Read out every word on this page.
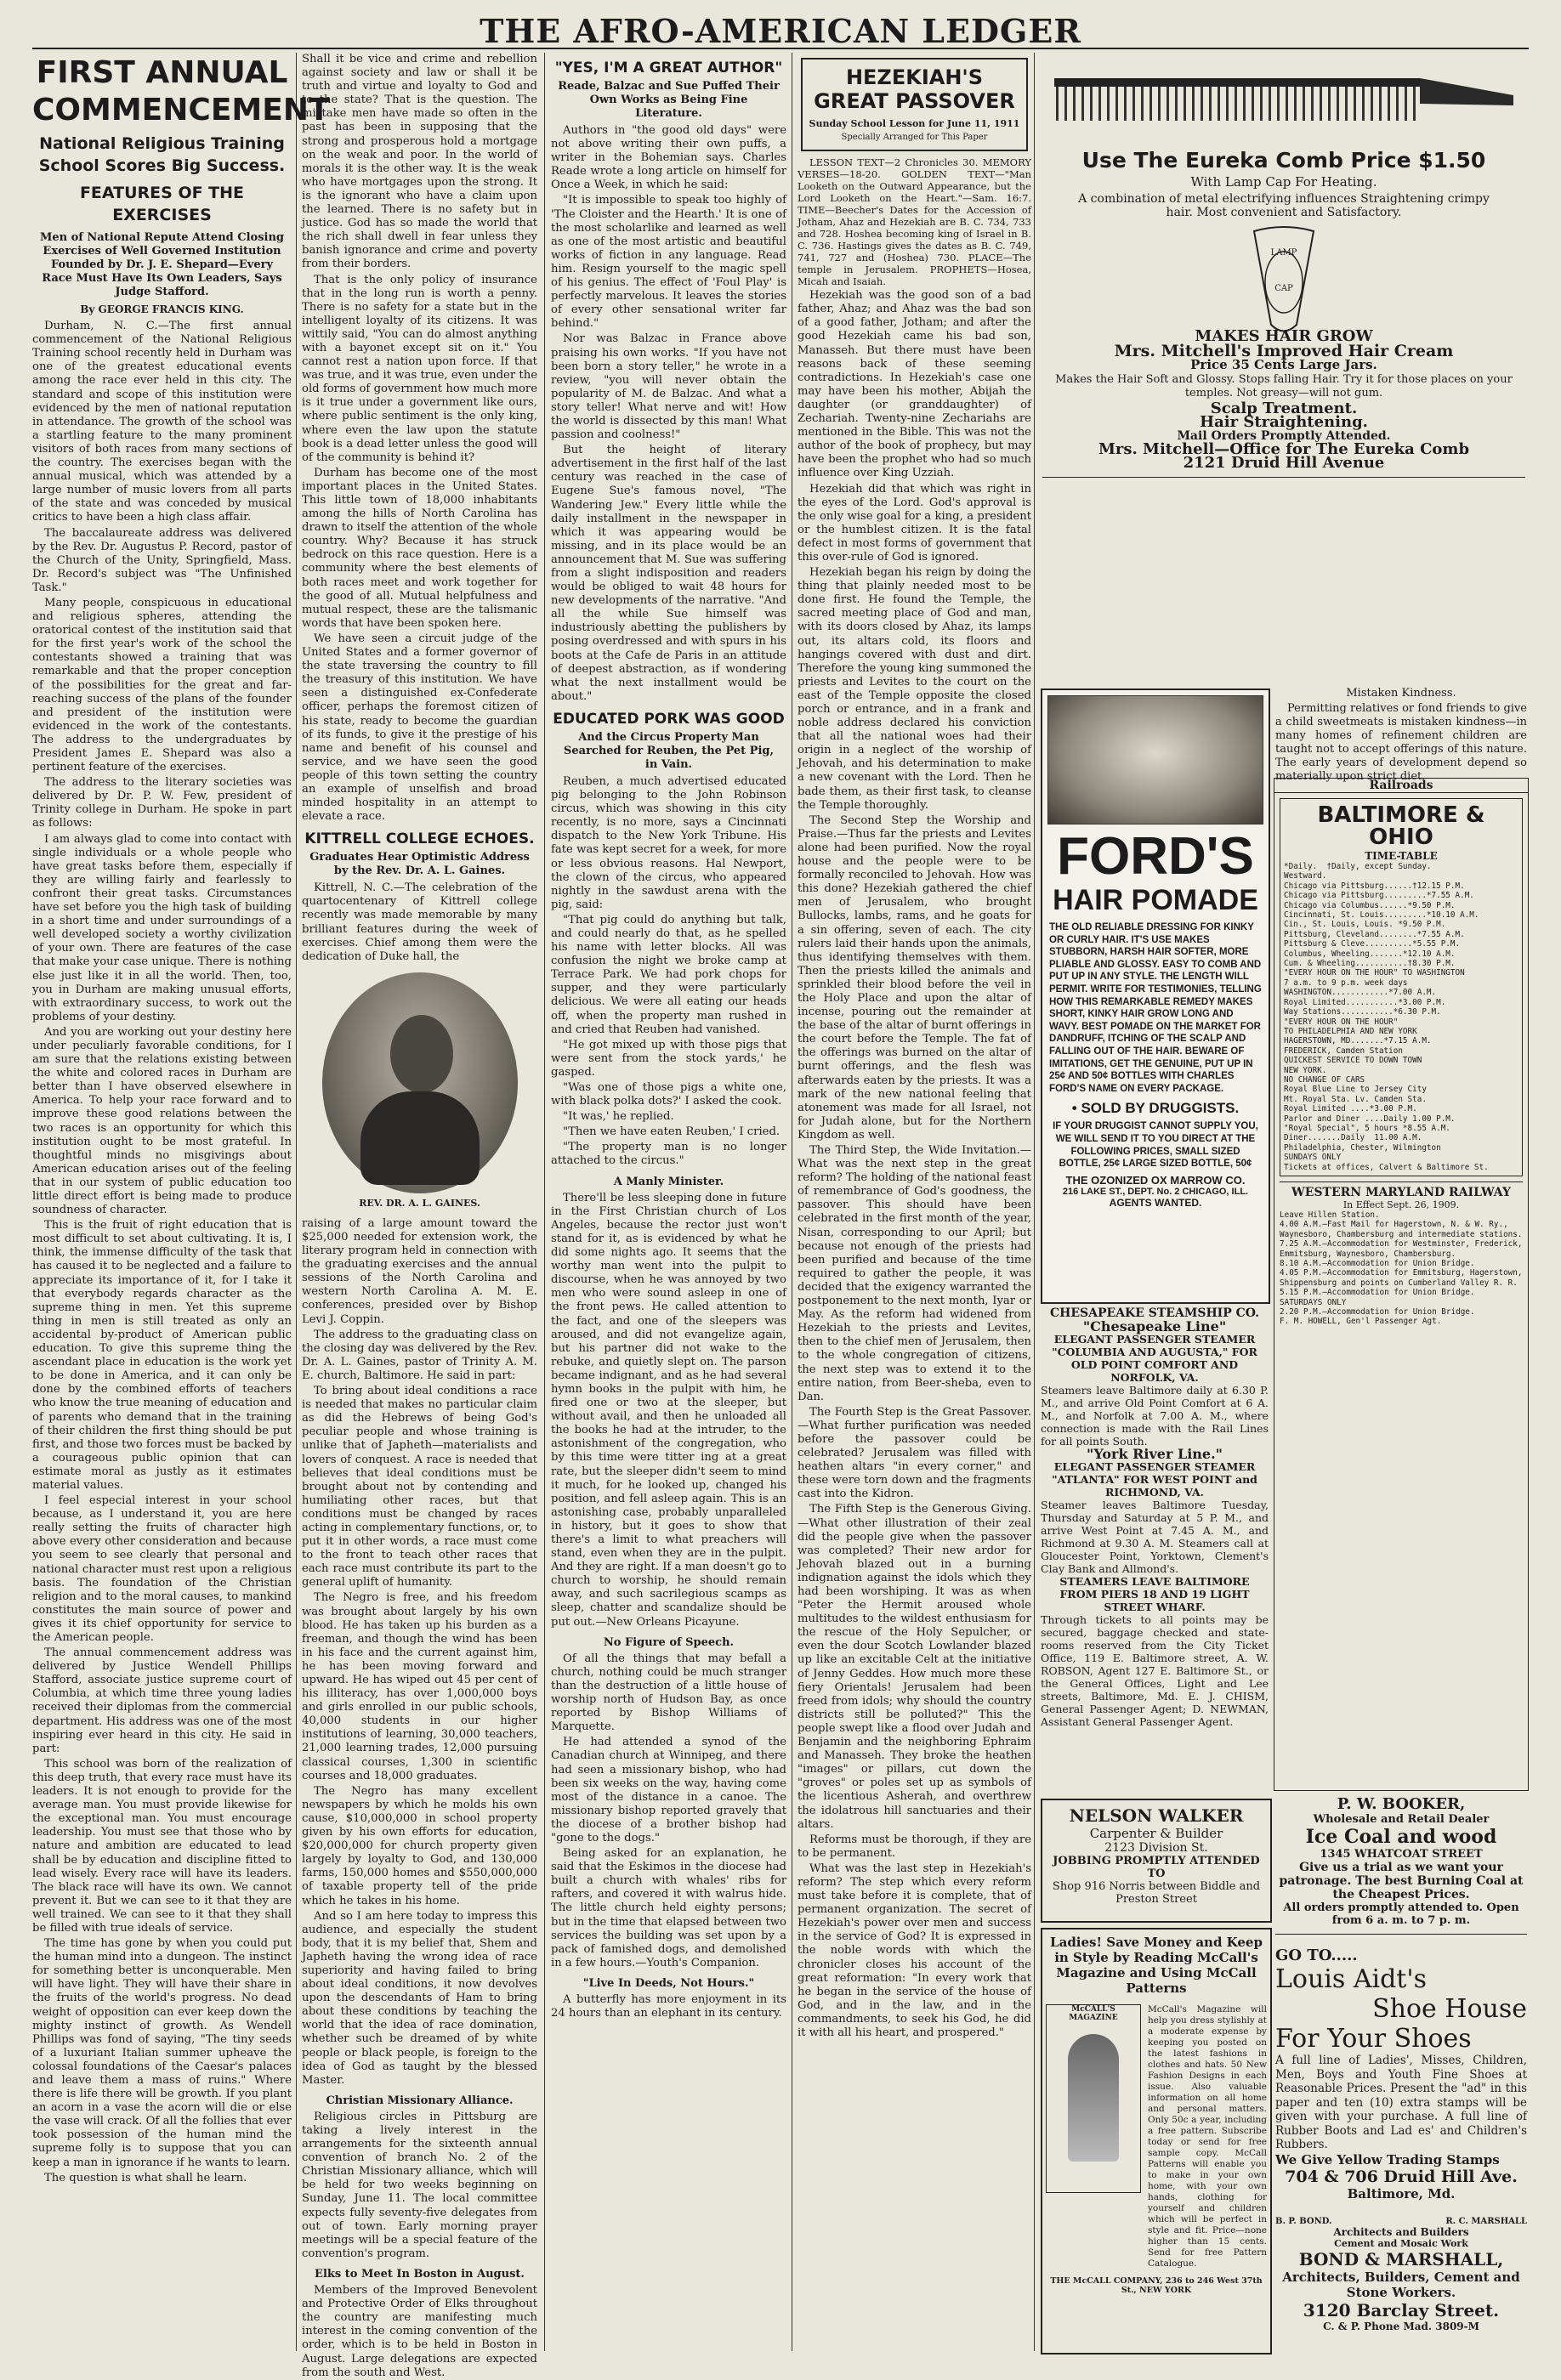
THE AFRO-AMERICAN LEDGER
FIRST ANNUAL
COMMENCEMENT
National Religious Training School Scores Big Success.
FEATURES OF THE EXERCISES
Men of National Repute Attend Closing Exercises of Well Governed Institution Founded by Dr. J. E. Shepard—Every Race Must Have Its Own Leaders, Says Judge Stafford.
By GEORGE FRANCIS KING.

Durham, N. C.—The first annual commencement of the National Religious Training school recently held in Durham was one of the greatest educational events among the race ever held in this city. The standard and scope of this institution were evidenced by the men of national reputation in attendance. The growth of the school was a startling feature to the many prominent visitors of both races from many sections of the country. The exercises began with the annual musical, which was attended by a large number of music lovers from all parts of the state and was conceded by musical critics to have been a high class affair.

The baccalaureate address was delivered by the Rev. Dr. Augustus P. Record, pastor of the Church of the Unity, Springfield, Mass. Dr. Record's subject was "The Unfinished Task."

Many people, conspicuous in educational and religious spheres, attending the oratorical contest of the institution said that for the first year's work of the school the contestants showed a training that was remarkable and that the proper conception of the possibilities for the great and far-reaching success of the plans of the founder and president of the institution were evidenced in the work of the contestants. The address to the undergraduates by President James E. Shepard was also a pertinent feature of the exercises.

The address to the literary societies was delivered by Dr. P. W. Few, president of Trinity college in Durham. He spoke in part as follows:

I am always glad to come into contact with single individuals or a whole people who have great tasks before them, especially if they are willing fairly and fearlessly to confront their great tasks. Circumstances have set before you the high task of building in a short time and under surroundings of a well developed society a worthy civilization of your own. There are features of the case that make your case unique. There is nothing else just like it in all the world. Then, too, you in Durham are making unusual efforts, with extraordinary success, to work out the problems of your destiny.

And you are working out your destiny here under peculiarly favorable conditions, for I am sure that the relations existing between the white and colored races in Durham are better than I have observed elsewhere in America. To help your race forward and to improve these good relations between the two races is an opportunity for which this institution ought to be most grateful. In thoughtful minds no misgivings about American education arises out of the feeling that in our system of public education too little direct effort is being made to produce soundness of character.

This is the fruit of right education that is most difficult to set about cultivating. It is, I think, the immense difficulty of the task that has caused it to be neglected and a failure to appreciate its importance of it, for I take it that everybody regards character as the supreme thing in men. Yet this supreme thing in men is still treated as only an accidental by-product of American public education. To give this supreme thing the ascendant place in education is the work yet to be done in America, and it can only be done by the combined efforts of teachers who know the true meaning of education and of parents who demand that in the training of their children the first thing should be put first, and those two forces must be backed by a courageous public opinion that can estimate moral as justly as it estimates material values.

I feel especial interest in your school because, as I understand it, you are here really setting the fruits of character high above every other consideration and because you seem to see clearly that personal and national character must rest upon a religious basis. The foundation of the Christian religion and to the moral causes, to mankind constitutes the main source of power and gives it its chief opportunity for service to the American people.

The annual commencement address was delivered by Justice Wendell Phillips Stafford, associate justice supreme court of Columbia, at which time three young ladies received their diplomas from the commercial department. His address was one of the most inspiring ever heard in this city. He said in part:

This school was born of the realization of this deep truth, that every race must have its leaders. It is not enough to provide for the average man. You must provide likewise for the exceptional man. You must encourage leadership. You must see that those who by nature and ambition are educated to lead shall be by education and discipline fitted to lead wisely. Every race will have its leaders. The black race will have its own. We cannot prevent it. But we can see to it that they are well trained. We can see to it that they shall be filled with true ideals of service.

The time has gone by when you could put the human mind into a dungeon. The instinct for something better is unconquerable. Men will have light. They will have their share in the fruits of the world's progress. No dead weight of opposition can ever keep down the mighty instinct of growth. As Wendell Phillips was fond of saying, "The tiny seeds of a luxuriant Italian summer upheave the colossal foundations of the Caesar's palaces and leave them a mass of ruins." Where there is life there will be growth. If you plant an acorn in a vase the acorn will die or else the vase will crack. Of all the follies that ever took possession of the human mind the supreme folly is to suppose that you can keep a man in ignorance if he wants to learn.

The question is what shall he learn.

Shall it be vice and crime and rebellion against society and law or shall it be truth and virtue and loyalty to God and to the state? That is the question. The mistake men have made so often in the past has been in supposing that the strong and prosperous hold a mortgage on the weak and poor. In the world of morals it is the other way. It is the weak who have mortgages upon the strong. It is the ignorant who have a claim upon the learned. There is no safety but in justice. God has so made the world that the rich shall dwell in fear unless they banish ignorance and crime and poverty from their borders.

That is the only policy of insurance that in the long run is worth a penny. There is no safety for a state but in the intelligent loyalty of its citizens. It was wittily said, "You can do almost anything with a bayonet except sit on it." You cannot rest a nation upon force. If that was true, and it was true, even under the old forms of government how much more is it true under a government like ours, where public sentiment is the only king, where even the law upon the statute book is a dead letter unless the good will of the community is behind it?

Durham has become one of the most important places in the United States. This little town of 18,000 inhabitants among the hills of North Carolina has drawn to itself the attention of the whole country. Why? Because it has struck bedrock on this race question. Here is a community where the best elements of both races meet and work together for the good of all. Mutual helpfulness and mutual respect, these are the talismanic words that have been spoken here.

We have seen a circuit judge of the United States and a former governor of the state traversing the country to fill the treasury of this institution. We have seen a distinguished ex-Confederate officer, perhaps the foremost citizen of his state, ready to become the guardian of its funds, to give it the prestige of his name and benefit of his counsel and service, and we have seen the good people of this town setting the country an example of unselfish and broad minded hospitality in an attempt to elevate a race.

KITTRELL COLLEGE ECHOES.
Graduates Hear Optimistic Address by the Rev. Dr. A. L. Gaines.

Kittrell, N. C.—The celebration of the quartocentenary of Kittrell college recently was made memorable by many brilliant features during the week of exercises. Chief among them were the dedication of Duke hall, the

REV. DR. A. L. GAINES.

raising of a large amount toward the $25,000 needed for extension work, the literary program held in connection with the graduating exercises and the annual sessions of the North Carolina and western North Carolina A. M. E. conferences, presided over by Bishop Levi J. Coppin.

The address to the graduating class on the closing day was delivered by the Rev. Dr. A. L. Gaines, pastor of Trinity A. M. E. church, Baltimore. He said in part:

To bring about ideal conditions a race is needed that makes no particular claim as did the Hebrews of being God's peculiar people and whose training is unlike that of Japheth—materialists and lovers of conquest. A race is needed that believes that ideal conditions must be brought about not by contending and humiliating other races, but that conditions must be changed by races acting in complementary functions, or, to put it in other words, a race must come to the front to teach other races that each race must contribute its part to the general uplift of humanity.

The Negro is free, and his freedom was brought about largely by his own blood. He has taken up his burden as a freeman, and though the wind has been in his face and the current against him, he has been moving forward and upward. He has wiped out 45 per cent of his illiteracy, has over 1,000,000 boys and girls enrolled in our public schools, 40,000 students in our higher institutions of learning, 30,000 teachers, 21,000 learning trades, 12,000 pursuing classical courses, 1,300 in scientific courses and 18,000 graduates.

The Negro has many excellent newspapers by which he molds his own cause, $10,000,000 in school property given by his own efforts for education, $20,000,000 for church property given largely by loyalty to God, and 130,000 farms, 150,000 homes and $550,000,000 of taxable property tell of the pride which he takes in his home.

And so I am here today to impress this audience, and especially the student body, that it is my belief that, Shem and Japheth having the wrong idea of race superiority and having failed to bring about ideal conditions, it now devolves upon the descendants of Ham to bring about these conditions by teaching the world that the idea of race domination, whether such be dreamed of by white people or black people, is foreign to the idea of God as taught by the blessed Master.

Christian Missionary Alliance.

Religious circles in Pittsburg are taking a lively interest in the arrangements for the sixteenth annual convention of branch No. 2 of the Christian Missionary alliance, which will be held for two weeks beginning on Sunday, June 11. The local committee expects fully seventy-five delegates from out of town. Early morning prayer meetings will be a special feature of the convention's program.

Elks to Meet In Boston in August.

Members of the Improved Benevolent and Protective Order of Elks throughout the country are manifesting much interest in the coming convention of the order, which is to be held in Boston in August. Large delegations are expected from the south and West.

"YES, I'M A GREAT AUTHOR"
Reade, Balzac and Sue Puffed Their Own Works as Being Fine Literature.

Authors in "the good old days" were not above writing their own puffs, a writer in the Bohemian says. Charles Reade wrote a long article on himself for Once a Week, in which he said:

"It is impossible to speak too highly of 'The Cloister and the Hearth.' It is one of the most scholarlike and learned as well as one of the most artistic and beautiful works of fiction in any language. Read him. Resign yourself to the magic spell of his genius. The effect of 'Foul Play' is perfectly marvelous. It leaves the stories of every other sensational writer far behind."

Nor was Balzac in France above praising his own works. "If you have not been born a story teller," he wrote in a review, "you will never obtain the popularity of M. de Balzac. And what a story teller! What nerve and wit! How the world is dissected by this man! What passion and coolness!"

But the height of literary advertisement in the first half of the last century was reached in the case of Eugene Sue's famous novel, "The Wandering Jew." Every little while the daily installment in the newspaper in which it was appearing would be missing, and in its place would be an announcement that M. Sue was suffering from a slight indisposition and readers would be obliged to wait 48 hours for new developments of the narrative. "And all the while Sue himself was industriously abetting the publishers by posing overdressed and with spurs in his boots at the Cafe de Paris in an attitude of deepest abstraction, as if wondering what the next installment would be about."

EDUCATED PORK WAS GOOD
And the Circus Property Man Searched for Reuben, the Pet Pig, in Vain.

Reuben, a much advertised educated pig belonging to the John Robinson circus, which was showing in this city recently, is no more, says a Cincinnati dispatch to the New York Tribune. His fate was kept secret for a week, for more or less obvious reasons. Hal Newport, the clown of the circus, who appeared nightly in the sawdust arena with the pig, said:

"That pig could do anything but talk, and could nearly do that, as he spelled his name with letter blocks. All was confusion the night we broke camp at Terrace Park. We had pork chops for supper, and they were particularly delicious. We were all eating our heads off, when the property man rushed in and cried that Reuben had vanished.

"He got mixed up with those pigs that were sent from the stock yards,' he gasped.

"Was one of those pigs a white one, with black polka dots?' I asked the cook.

"It was,' he replied.

"Then we have eaten Reuben,' I cried.

"The property man is no longer attached to the circus."

A Manly Minister.

There'll be less sleeping done in future in the First Christian church of Los Angeles, because the rector just won't stand for it, as is evidenced by what he did some nights ago. It seems that the worthy man went into the pulpit to discourse, when he was annoyed by two men who were sound asleep in one of the front pews. He called attention to the fact, and one of the sleepers was aroused, and did not evangelize again, but his partner did not wake to the rebuke, and quietly slept on. The parson became indignant, and as he had several hymn books in the pulpit with him, he fired one or two at the sleeper, but without avail, and then he unloaded all the books he had at the intruder, to the astonishment of the congregation, who by this time were titter ing at a great rate, but the sleeper didn't seem to mind it much, for he looked up, changed his position, and fell asleep again. This is an astonishing case, probably unparalleled in history, but it goes to show that there's a limit to what preachers will stand, even when they are in the pulpit. And they are right. If a man doesn't go to church to worship, he should remain away, and such sacrilegious scamps as sleep, chatter and scandalize should be put out.—New Orleans Picayune.

No Figure of Speech.

Of all the things that may befall a church, nothing could be much stranger than the destruction of a little house of worship north of Hudson Bay, as once reported by Bishop Williams of Marquette.

He had attended a synod of the Canadian church at Winnipeg, and there had seen a missionary bishop, who had been six weeks on the way, having come most of the distance in a canoe. The missionary bishop reported gravely that the diocese of a brother bishop had "gone to the dogs."

Being asked for an explanation, he said that the Eskimos in the diocese had built a church with whales' ribs for rafters, and covered it with walrus hide. The little church held eighty persons; but in the time that elapsed between two services the building was set upon by a pack of famished dogs, and demolished in a few hours.—Youth's Companion.

"Live In Deeds, Not Hours."

A butterfly has more enjoyment in its 24 hours than an elephant in its century.

HEZEKIAH'S
GREAT PASSOVER
Sunday School Lesson for June 11, 1911
Specially Arranged for This Paper

LESSON TEXT—2 Chronicles 30. MEMORY VERSES—18-20. GOLDEN TEXT—"Man Looketh on the Outward Appearance, but the Lord Looketh on the Heart."—Sam. 16:7. TIME—Beecher's Dates for the Accession of Jotham, Ahaz and Hezekiah are B. C. 734, 733 and 728. Hoshea becoming king of Israel in B. C. 736. Hastings gives the dates as B. C. 749, 741, 727 and (Hoshea) 730. PLACE—The temple in Jerusalem. PROPHETS—Hosea, Micah and Isaiah.

Hezekiah was the good son of a bad father, Ahaz; and Ahaz was the bad son of a good father, Jotham; and after the good Hezekiah came his bad son, Manasseh. But there must have been reasons back of these seeming contradictions. In Hezekiah's case one may have been his mother, Abijah the daughter (or granddaughter) of Zechariah. Twenty-nine Zechariahs are mentioned in the Bible. This was not the author of the book of prophecy, but may have been the prophet who had so much influence over King Uzziah.

Hezekiah did that which was right in the eyes of the Lord. God's approval is the only wise goal for a king, a president or the humblest citizen. It is the fatal defect in most forms of government that this over-rule of God is ignored.

Hezekiah began his reign by doing the thing that plainly needed most to be done first. He found the Temple, the sacred meeting place of God and man, with its doors closed by Ahaz, its lamps out, its altars cold, its floors and hangings covered with dust and dirt. Therefore the young king summoned the priests and Levites to the court on the east of the Temple opposite the closed porch or entrance, and in a frank and noble address declared his conviction that all the national woes had their origin in a neglect of the worship of Jehovah, and his determination to make a new covenant with the Lord. Then he bade them, as their first task, to cleanse the Temple thoroughly.

The Second Step the Worship and Praise.—Thus far the priests and Levites alone had been purified. Now the royal house and the people were to be formally reconciled to Jehovah. How was this done? Hezekiah gathered the chief men of Jerusalem, who brought Bullocks, lambs, rams, and he goats for a sin offering, seven of each. The city rulers laid their hands upon the animals, thus identifying themselves with them. Then the priests killed the animals and sprinkled their blood before the veil in the Holy Place and upon the altar of incense, pouring out the remainder at the base of the altar of burnt offerings in the court before the Temple. The fat of the offerings was burned on the altar of burnt offerings, and the flesh was afterwards eaten by the priests. It was a mark of the new national feeling that atonement was made for all Israel, not for Judah alone, but for the Northern Kingdom as well.

The Third Step, the Wide Invitation.—What was the next step in the great reform? The holding of the national feast of remembrance of God's goodness, the passover. This should have been celebrated in the first month of the year, Nisan, corresponding to our April; but because not enough of the priests had been purified and because of the time required to gather the people, it was decided that the exigency warranted the postponement to the next month, Iyar or May. As the reform had widened from Hezekiah to the priests and Levites, then to the chief men of Jerusalem, then to the whole congregation of citizens, the next step was to extend it to the entire nation, from Beer-sheba, even to Dan.

The Fourth Step is the Great Passover.—What further purification was needed before the passover could be celebrated? Jerusalem was filled with heathen altars "in every corner," and these were torn down and the fragments cast into the Kidron.

The Fifth Step is the Generous Giving.—What other illustration of their zeal did the people give when the passover was completed? Their new ardor for Jehovah blazed out in a burning indignation against the idols which they had been worshiping. It was as when "Peter the Hermit aroused whole multitudes to the wildest enthusiasm for the rescue of the Holy Sepulcher, or even the dour Scotch Lowlander blazed up like an excitable Celt at the initiative of Jenny Geddes. How much more these fiery Orientals! Jerusalem had been freed from idols; why should the country districts still be polluted?" This the people swept like a flood over Judah and Benjamin and the neighboring Ephraim and Manasseh. They broke the heathen "images" or pillars, cut down the "groves" or poles set up as symbols of the licentious Asherah, and overthrew the idolatrous hill sanctuaries and their altars.

Reforms must be thorough, if they are to be permanent.

What was the last step in Hezekiah's reform? The step which every reform must take before it is complete, that of permanent organization. The secret of Hezekiah's power over men and success in the service of God? It is expressed in the noble words with which the chronicler closes his account of the great reformation: "In every work that he began in the service of the house of God, and in the law, and in the commandments, to seek his God, he did it with all his heart, and prospered."

Use The Eureka Comb Price $1.50
With Lamp Cap For Heating.
A combination of metal electrifying influences Straightening crimpy hair. Most convenient and Satisfactory.
LAMP
CAP
MAKES HAIR GROW
Mrs. Mitchell's Improved Hair Cream
Price 35 Cents Large Jars.
Makes the Hair Soft and Glossy. Stops falling Hair. Try it for those places on your temples. Not greasy—will not gum.
Scalp Treatment.
Hair Straightening.
Mail Orders Promptly Attended.
Mrs. Mitchell—Office for The Eureka Comb
2121 Druid Hill Avenue
FORD'S
HAIR POMADE
THE OLD RELIABLE DRESSING FOR KINKY OR CURLY HAIR. IT'S USE MAKES STUBBORN, HARSH HAIR SOFTER, MORE PLIABLE AND GLOSSY. EASY TO COMB AND PUT UP IN ANY STYLE. THE LENGTH WILL PERMIT. WRITE FOR TESTIMONIES, TELLING HOW THIS REMARKABLE REMEDY MAKES SHORT, KINKY HAIR GROW LONG AND WAVY. BEST POMADE ON THE MARKET FOR DANDRUFF, ITCHING OF THE SCALP AND FALLING OUT OF THE HAIR. BEWARE OF IMITATIONS, GET THE GENUINE, PUT UP IN 25¢ AND 50¢ BOTTLES WITH CHARLES FORD'S NAME ON EVERY PACKAGE.
• SOLD BY DRUGGISTS.
IF YOUR DRUGGIST CANNOT SUPPLY YOU, WE WILL SEND IT TO YOU DIRECT AT THE FOLLOWING PRICES, SMALL SIZED BOTTLE, 25¢ LARGE SIZED BOTTLE, 50¢
THE OZONIZED OX MARROW CO.
216 LAKE ST., DEPT. No. 2 CHICAGO, ILL.
AGENTS WANTED.
Mistaken Kindness.

Permitting relatives or fond friends to give a child sweetmeats is mistaken kindness—in many homes of refinement children are taught not to accept offerings of this nature. The early years of development depend so materially upon strict diet.

Railroads
BALTIMORE & OHIO
TIME-TABLE
*Daily.  †Daily, except Sunday.
Westward.
Chicago via Pittsburg......†12.15 P.M.
Chicago via Pittsburg.........*7.55 A.M.
Chicago via Columbus......*9.50 P.M.
Cincinnati, St. Louis.........*10.10 A.M.
Cin., St. Louis, Louis. *9.50 P.M.
Pittsburg, Cleveland........*7.55 A.M.
Pittsburg & Cleve..........*5.55 P.M.
Columbus, Wheeling.......*12.10 A.M.
Cum. & Wheeling...........†8.30 P.M.
"EVERY HOUR ON THE HOUR" TO WASHINGTON
7 a.m. to 9 p.m. week days
WASHINGTON............*7.00 A.M.
Royal Limited...........*3.00 P.M.
Way Stations...........*6.30 P.M.
"EVERY HOUR ON THE HOUR"
TO PHILADELPHIA AND NEW YORK
HAGERSTOWN, MD.......*7.15 A.M.
FREDERICK, Camden Station
QUICKEST SERVICE TO DOWN TOWN
NEW YORK.
NO CHANGE OF CARS
Royal Blue Line to Jersey City
Mt. Royal Sta. Lv. Camden Sta.
Royal Limited ....*3.00 P.M.
Parlor and Diner ....Daily 1.00 P.M.
"Royal Special", 5 hours *8.55 A.M.
Diner.......Daily  11.00 A.M.
Philadelphia, Chester, Wilmington
SUNDAYS ONLY
Tickets at offices, Calvert & Baltimore St.
WESTERN MARYLAND RAILWAY
In Effect Sept. 26, 1909.
Leave Hillen Station.
4.00 A.M.—Fast Mail for Hagerstown, N. & W. Ry., Waynesboro, Chambersburg and intermediate stations.
7.25 A.M.—Accommodation for Westminster, Frederick, Emmitsburg, Waynesboro, Chambersburg.
8.10 A.M.—Accommodation for Union Bridge.
4.05 P.M.—Accommodation for Emmitsburg, Hagerstown, Shippensburg and points on Cumberland Valley R. R.
5.15 P.M.—Accommodation for Union Bridge.
SATURDAYS ONLY
2.20 P.M.—Accommodation for Union Bridge.
F. M. HOWELL, Gen'l Passenger Agt.
CHESAPEAKE STEAMSHIP CO.
"Chesapeake Line"
ELEGANT PASSENGER STEAMER "COLUMBIA AND AUGUSTA," FOR OLD POINT COMFORT AND NORFOLK, VA.
Steamers leave Baltimore daily at 6.30 P. M., and arrive Old Point Comfort at 6 A. M., and Norfolk at 7.00 A. M., where connection is made with the Rail Lines for all points South.
"York River Line."
ELEGANT PASSENGER STEAMER "ATLANTA" FOR WEST POINT and RICHMOND, VA.
Steamer leaves Baltimore Tuesday, Thursday and Saturday at 5 P. M., and arrive West Point at 7.45 A. M., and Richmond at 9.30 A. M. Steamers call at Gloucester Point, Yorktown, Clement's Clay Bank and Allmond's.
STEAMERS LEAVE BALTIMORE FROM PIERS 18 AND 19 LIGHT STREET WHARF.
Through tickets to all points may be secured, baggage checked and state-rooms reserved from the City Ticket Office, 119 E. Baltimore street, A. W. ROBSON, Agent 127 E. Baltimore St., or the General Offices, Light and Lee streets, Baltimore, Md. E. J. CHISM, General Passenger Agent; D. NEWMAN, Assistant General Passenger Agent.
P. W. BOOKER,
Wholesale and Retail Dealer
Ice Coal and wood
1345 WHATCOAT STREET
Give us a trial as we want your patronage. The best Burning Coal at the Cheapest Prices.
All orders promptly attended to. Open from 6 a. m. to 7 p. m.
NELSON WALKER
Carpenter & Builder
2123 Division St.
JOBBING PROMPTLY ATTENDED TO
Shop 916 Norris between Biddle and Preston Street
Ladies! Save Money and Keep in Style by Reading McCall's Magazine and Using McCall Patterns
McCALL'S MAGAZINE
McCall's Magazine will help you dress stylishly at a moderate expense by keeping you posted on the latest fashions in clothes and hats. 50 New Fashion Designs in each issue. Also valuable information on all home and personal matters. Only 50c a year, including a free pattern. Subscribe today or send for free sample copy. McCall Patterns will enable you to make in your own home, with your own hands, clothing for yourself and children which will be perfect in style and fit. Price—none higher than 15 cents. Send for free Pattern Catalogue.
THE McCALL COMPANY, 236 to 246 West 37th St., NEW YORK
GO TO.....
Louis Aidt's
Shoe House
For Your Shoes
A full line of Ladies', Misses, Children, Men, Boys and Youth Fine Shoes at Reasonable Prices. Present the "ad" in this paper and ten (10) extra stamps will be given with your purchase. A full line of Rubber Boots and Lad es' and Children's Rubbers.
We Give Yellow Trading Stamps
704 & 706 Druid Hill Ave.
Baltimore, Md.
B. P. BOND.	R. C. MARSHALL
Architects and Builders
Cement and Mosaic Work
BOND & MARSHALL,
Architects, Builders, Cement and Stone Workers.
3120 Barclay Street.
C. & P. Phone Mad. 3809-M
